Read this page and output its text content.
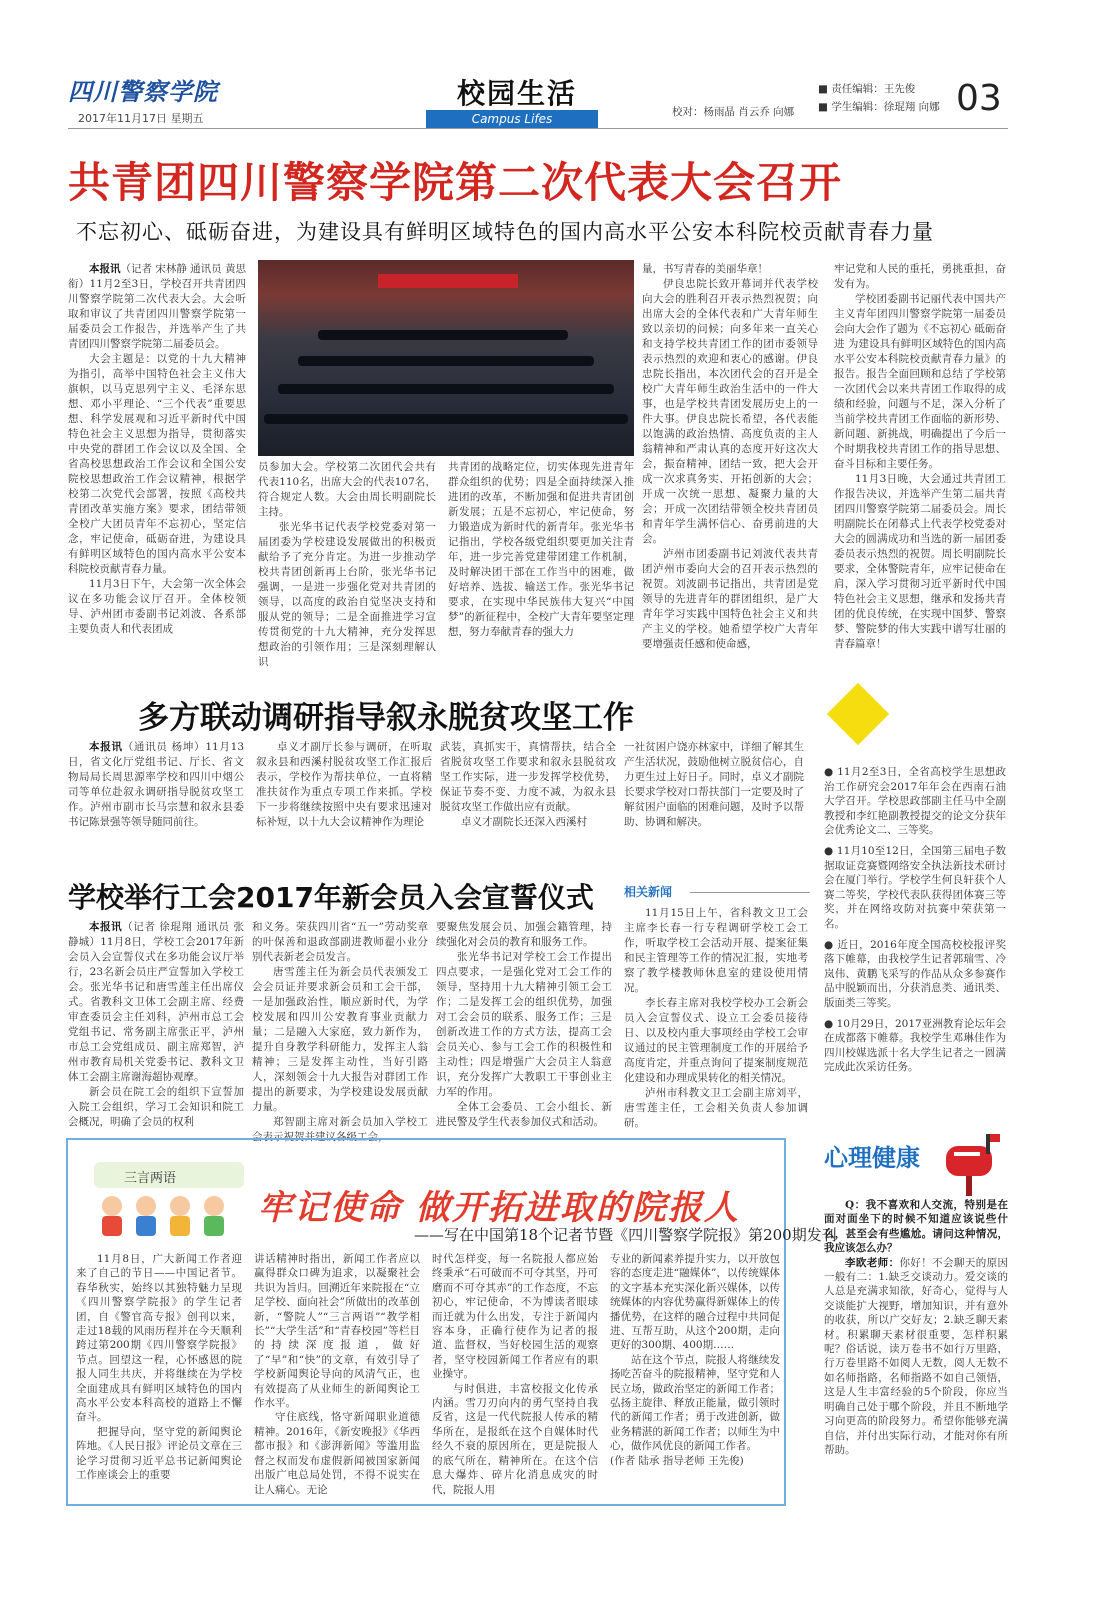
四川警察学院
2017年11月17日 星期五
校园生活
Campus Lifes	校对：杨雨晶 肖云乔 向娜
■ 责任编辑：王先俊
■ 学生编辑：徐琨翔 向娜 03
共青团四川警察学院第二次代表大会召开
不忘初心、砥砺奋进，为建设具有鲜明区域特色的国内高水平公安本科院校贡献青春力量

本报讯（记者 宋林静 通讯员 黄思衔）11月2至3日，学校召开共青团四川警察学院第二次代表大会。大会听取和审议了共青团四川警察学院第一届委员会工作报告，并选举产生了共青团四川警察学院第二届委员会。

大会主题是：以党的十九大精神为指引，高举中国特色社会主义伟大旗帜，以马克思列宁主义、毛泽东思想、邓小平理论、“三个代表”重要思想、科学发展观和习近平新时代中国特色社会主义思想为指导，贯彻落实中央党的群团工作会议以及全国、全省高校思想政治工作会议和全国公安院校思想政治工作会议精神，根据学校第二次党代会部署，按照《高校共青团改革实施方案》要求，团结带领全校广大团员青年不忘初心，坚定信念，牢记使命，砥砺奋进，为建设具有鲜明区域特色的国内高水平公安本科院校贡献青春力量。

11月3日下午，大会第一次全体会议在多功能会议厅召开。全体校领导、泸州团市委副书记刘波、各系部主要负责人和代表团成

员参加大会。学校第二次团代会共有代表110名，出席大会的代表107名，符合规定人数。大会由周长明副院长主持。

张光华书记代表学校党委对第一届团委为学校建设发展做出的积极贡献给予了充分肯定。为进一步推动学校共青团创新再上台阶，张光华书记强调，一是进一步强化党对共青团的领导，以高度的政治自觉坚决支持和服从党的领导；二是全面推进学习宣传贯彻党的十九大精神，充分发挥思想政治的引领作用；三是深刻理解认识

共青团的战略定位，切实体现先进青年群众组织的优势；四是全面持续深入推进团的改革，不断加强和促进共青团创新发展；五是不忘初心，牢记使命，努力锻造成为新时代的新青年。张光华书记指出，学校各级党组织要更加关注青年，进一步完善党建带团建工作机制，及时解决团干部在工作当中的困难，做好培养、选拔、输送工作。张光华书记要求，在实现中华民族伟大复兴“中国梦”的新征程中，全校广大青年要坚定理想，努力奉献青春的强大力

量，书写青春的美丽华章！

伊良忠院长致开幕词并代表学校向大会的胜利召开表示热烈祝贺；向出席大会的全体代表和广大青年师生致以亲切的问候；向多年来一直关心和支持学校共青团工作的团市委领导表示热烈的欢迎和衷心的感谢。伊良忠院长指出，本次团代会的召开是全校广大青年师生政治生活中的一件大事，也是学校共青团发展历史上的一件大事。伊良忠院长希望，各代表能以饱满的政治热情、高度负责的主人翁精神和严肃认真的态度开好这次大会，振奋精神，团结一致，把大会开成一次求真务实、开拓创新的大会；开成一次统一思想、凝聚力量的大会；开成一次团结带领全校共青团员和青年学生满怀信心、奋勇前进的大会。

泸州市团委副书记刘波代表共青团泸州市委向大会的召开表示热烈的祝贺。刘波副书记指出，共青团是党领导的先进青年的群团组织，是广大青年学习实践中国特色社会主义和共产主义的学校。她希望学校广大青年要增强责任感和使命感，

牢记党和人民的重托，勇挑重担，奋发有为。

学校团委副书记丽代表中国共产主义青年团四川警察学院第一届委员会向大会作了题为《不忘初心 砥砺奋进 为建设具有鲜明区域特色的国内高水平公安本科院校贡献青春力量》的报告。报告全面回顾和总结了学校第一次团代会以来共青团工作取得的成绩和经验，问题与不足，深入分析了当前学校共青团工作面临的新形势、新问题、新挑战，明确提出了今后一个时期我校共青团工作的指导思想、奋斗目标和主要任务。

11月3日晚，大会通过共青团工作报告决议，并选举产生第二届共青团四川警察学院第二届委员会。周长明副院长在闭幕式上代表学校党委对大会的圆满成功和当选的新一届团委委员表示热烈的祝贺。周长明副院长要求，全体警院青年，应牢记使命在肩，深入学习贯彻习近平新时代中国特色社会主义思想，继承和发扬共青团的优良传统，在实现中国梦、警察梦、警院梦的伟大实践中谱写壮丽的青春篇章！

多方联动调研指导叙永脱贫攻坚工作

本报讯（通讯员 杨坤）11月13日，省文化厅党组书记、厅长、省文物局局长周思源率学校和四川中烟公司等单位赴叙永调研指导脱贫攻坚工作。泸州市副市长马宗慧和叙永县委书记陈景强等领导随同前往。

卓义才副厅长参与调研，在听取叙永县和西溪村脱贫攻坚工作汇报后表示，学校作为帮扶单位，一直将精准扶贫作为重点专项工作来抓。学校下一步将继续按照中央有要求迅速对标补短，以十九大会议精神作为理论

武装，真抓实干，真情帮扶，结合全省脱贫攻坚工作要求和叙永县脱贫攻坚工作实际，进一步发挥学校优势，保证节奏不变、力度不减，为叙永县脱贫攻坚工作做出应有贡献。

卓义才副院长还深入西溪村

一社贫困户饶亦林家中，详细了解其生产生活状况，鼓励他树立脱贫信心，自力更生过上好日子。同时，卓义才副院长要求学校对口帮扶部门一定要及时了解贫困户面临的困难问题，及时予以帮助、协调和解决。

● 11月2至3日，全省高校学生思想政治工作研究会2017年年会在西南石油大学召开。学校思政部副主任马中全副教授和李红艳副教授提交的论文分获年会优秀论文二、三等奖。

● 11月10至12日，全国第三届电子数据取证竞赛暨网络安全执法新技术研讨会在厦门举行。学校学生何良轩获个人赛二等奖，学校代表队获得团体赛三等奖，并在网络攻防对抗赛中荣获第一名。

● 近日，2016年度全国高校校报评奖落下帷幕，由我校学生记者郭瑞雪、冷岚伟、黄鹏飞采写的作品从众多参赛作品中脱颖而出，分获消息类、通讯类、版面类三等奖。

● 10月29日，2017亚洲教育论坛年会在成都落下帷幕。我校学生邓琳佳作为四川校媒选派十名大学生记者之一圆满完成此次采访任务。

学校举行工会2017年新会员入会宣誓仪式

本报讯（记者 徐琨翔 通讯员 张静城）11月8日，学校工会2017年新会员入会宣誓仪式在多功能会议厅举行，23名新会员庄严宣誓加入学校工会。张光华书记和唐雪莲主任出席仪式。省教科文卫体工会副主席、经费审查委员会主任刘科，泸州市总工会党组书记、常务副主席张正平，泸州市总工会党组成员、副主席郑智，泸州市教育局机关党委书记、教科文卫体工会副主席谢海超协观摩。

新会员在院工会的组织下宣誓加入院工会组织，学习工会知识和院工会概况，明确了会员的权利

和义务。荣获四川省“五一”劳动奖章的叶保善和退政部副进教师翟小业分别代表新老会员发言。

唐雪莲主任为新会员代表颁发工会会员证并要求新会员和工会干部，一是加强政治性，顺应新时代，为学校发展和四川公安教育事业贡献力量；二是融入大家庭，致力新作为，提升自身教学科研能力，发挥主人翁精神；三是发挥主动性，当好引路人，深刻领会十九大报告对群团工作提出的新要求，为学校建设发展贡献力量。

郑智副主席对新会员加入学校工会表示祝贺并建议各级工会，

要聚焦发展会员、加强会籍管理，持续强化对会员的教育和服务工作。

张光华书记对学校工会工作提出四点要求，一是强化党对工会工作的领导，坚持用十九大精神引领工会工作；二是发挥工会的组织优势，加强对工会会员的联系、服务工作；三是创新改进工作的方式方法，提高工会会员关心、参与工会工作的积极性和主动性；四是增强广大会员主人翁意识，充分发挥广大教职工干事创业主力军的作用。

全体工会委员、工会小组长、新进民警及学生代表参加仪式和活动。

相关新闻

11月15日上午，省科教文卫工会主席李长春一行专程调研学校工会工作，听取学校工会活动开展、提案征集和民主管理等工作的情况汇报，实地考察了教学楼教师休息室的建设使用情况。

李长春主席对我校学校办工会新会员入会宣誓仪式、设立工会委员接待日、以及校内重大事项经由学校工会审议通过的民主管理制度工作的开展给予高度肯定，并重点询问了提案制度规范化建设和办理成果转化的相关情况。

泸州市科教文卫工会副主席刘平，唐雪莲主任，工会相关负责人参加调研。

三言两语
牢记使命 做开拓进取的院报人
——写在中国第18个记者节暨《四川警察学院报》第200期发刊

11月8日，广大新闻工作者迎来了自己的节日——中国记者节。春华秋实，始终以其独特魅力呈现《四川警察学院报》的学生记者团，自《警官高专报》创刊以来，走过18载的风雨历程并在今天顺利跨过第200期《四川警察学院报》节点。回望这一程，心怀感恩的院报人同生共庆，并将继续在为学校全面建成具有鲜明区域特色的国内高水平公安本科高校的道路上不懈奋斗。

把握导向，坚守党的新闻舆论阵地。《人民日报》评论员文章在三论学习贯彻习近平总书记新闻舆论工作座谈会上的重要

讲话精神时指出，新闻工作者应以赢得群众口碑为追求，以凝聚社会共识为旨归。回溯近年来院报在“立足学校、面向社会”所做出的改革创新，“警院人”“三言两语”“教学相长”“大学生活”和“青春校园”等栏目的持续深度报道，做好了“早”和“快”的文章，有效引导了学校新闻舆论导向的风清气正，也有效提高了从业师生的新闻舆论工作水平。

守住底线，恪守新闻职业道德精神。2016年，《新安晚报》《华西都市报》和《澎湃新闻》等滥用监督之权而发布虚假新闻被国家新闻出版广电总局处罚，不得不说实在让人痛心。无论

时代怎样变，每一名院报人都应始终秉承“石可破而不可夺其坚，丹可磨而不可夺其赤”的工作态度，不忘初心，牢记使命，不为博读者眼球而迁就为什么出发，专注于新闻内容本身，正确行使作为记者的报道、监督权，当好校园生活的观察者，坚守校园新闻工作者应有的职业操守。

与时俱进，丰富校报文化传承内涵。雪刀刃向内的勇气坚持自我反省，这是一代代院报人传承的精华所在，是报纸在这个自媒体时代经久不衰的原因所在，更是院报人的底气所在，精神所在。在这个信息大爆炸、碎片化消息成灾的时代，院报人用

专业的新闻素养提升实力，以开放包容的态度走进“融媒体”，以传统媒体的文字基本充实深化新兴媒体，以传统媒体的内容优势赢得新媒体上的传播优势，在这样的融合过程中共同促进、互帮互助，从这个200期，走向更好的300期、400期……

站在这个节点，院报人将继续发扬吃苦奋斗的院报精神，坚守党和人民立场，做政治坚定的新闻工作者；弘扬主旋律、释放正能量，做引领时代的新闻工作者；勇于改进创新，做业务精湛的新闻工作者；以师生为中心，做作风优良的新闻工作者。

(作者 陆承 指导老师 王先俊)

心理健康

Q：我不喜欢和人交流，特别是在面对面坐下的时候不知道应该说些什么，甚至会有些尴尬。请问这种情况，我应该怎么办？

李欧老师：你好！不会聊天的原因一般有二：1.缺乏交谈动力。爱交谈的人总是充满求知欲，好奇心，觉得与人交谈能扩大视野，增加知识，并有意外的收获，所以广交好友；2.缺乏聊天素材。积累聊天素材很重要，怎样积累呢？俗话说，读万卷书不如行万里路，行万卷里路不如阅人无数，阅人无数不如名师指路，名师指路不如自己领悟，这是人生丰富经验的5个阶段，你应当明确自己处于哪个阶段，并且不断地学习向更高的阶段努力。希望你能够充满自信，并付出实际行动，才能对你有所帮助。
